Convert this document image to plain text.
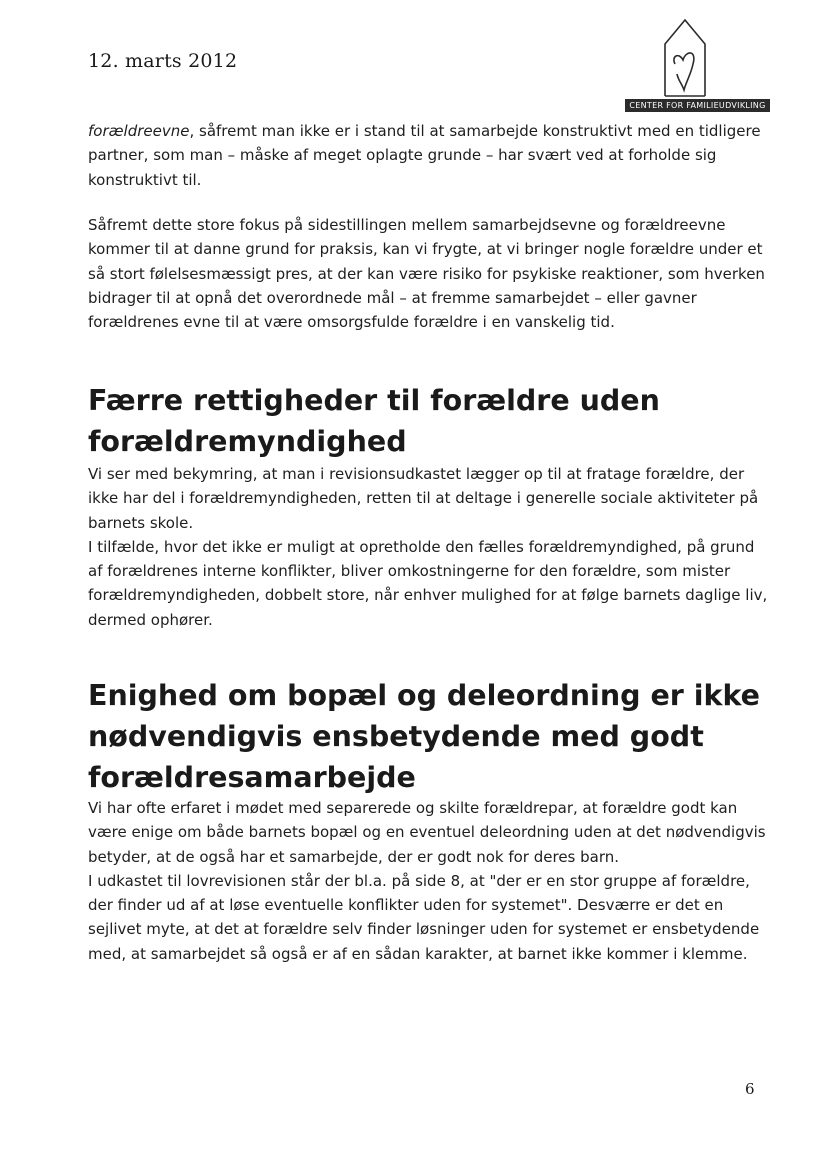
12. marts 2012
CENTER FOR FAMILIEUDVIKLING

forældreevne, såfremt man ikke er i stand til at samarbejde konstruktivt med en tidligere partner, som man – måske af meget oplagte grunde – har svært ved at forholde sig konstruktivt til.

Såfremt dette store fokus på sidestillingen mellem samarbejdsevne og forældreevne kommer til at danne grund for praksis, kan vi frygte, at vi bringer nogle forældre under et så stort følelsesmæssigt pres, at der kan være risiko for psykiske reaktioner, som hverken bidrager til at opnå det overordnede mål – at fremme samarbejdet – eller gavner forældrenes evne til at være omsorgsfulde forældre i en vanskelig tid.

Færre rettigheder til forældre uden forældremyndighed

Vi ser med bekymring, at man i revisionsudkastet lægger op til at fratage forældre, der ikke har del i forældremyndigheden, retten til at deltage i generelle sociale aktiviteter på barnets skole.

I tilfælde, hvor det ikke er muligt at opretholde den fælles forældremyndighed, på grund af forældrenes interne konflikter, bliver omkostningerne for den forældre, som mister forældremyndigheden, dobbelt store, når enhver mulighed for at følge barnets daglige liv, dermed ophører.

Enighed om bopæl og deleordning er ikke nødvendigvis ensbetydende med godt forældresamarbejde

Vi har ofte erfaret i mødet med separerede og skilte forældrepar, at forældre godt kan være enige om både barnets bopæl og en eventuel deleordning uden at det nødvendigvis betyder, at de også har et samarbejde, der er godt nok for deres barn.

I udkastet til lovrevisionen står der bl.a. på side 8, at "der er en stor gruppe af forældre, der finder ud af at løse eventuelle konflikter uden for systemet". Desværre er det en sejlivet myte, at det at forældre selv finder løsninger uden for systemet er ensbetydende med, at samarbejdet så også er af en sådan karakter, at barnet ikke kommer i klemme.

6
